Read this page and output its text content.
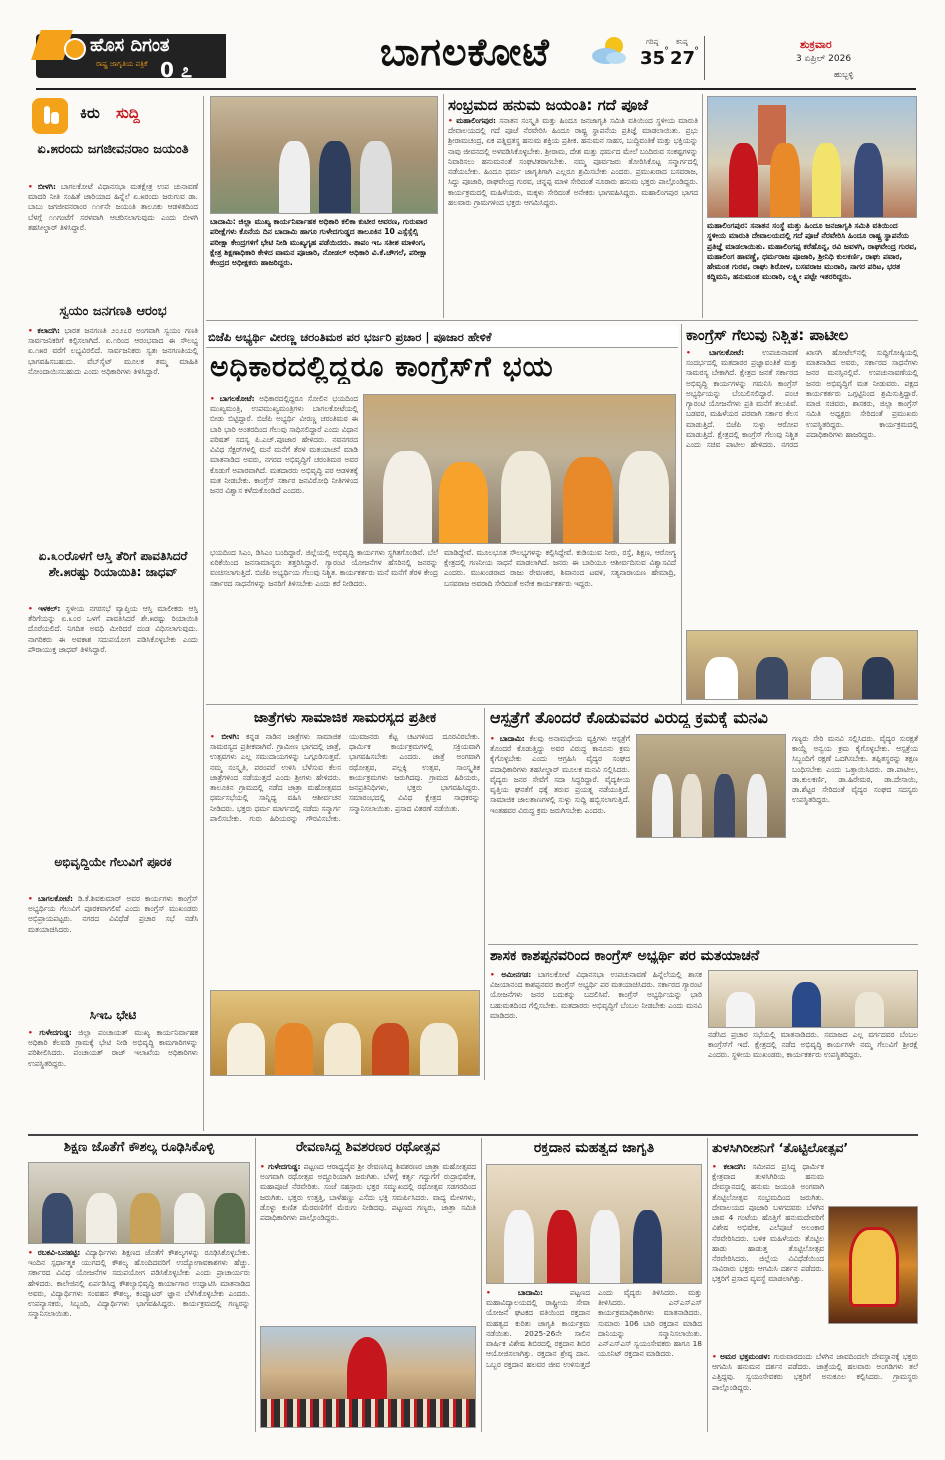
ಹೊಸ ದಿಗಂತ
ರಾಷ್ಟ್ರ ಜಾಗೃತಿಯ ಪತ್ರಿಕೆ 0 ೭	ಬಾಗಲಕೋಟೆ	ಗರಿಷ್ಠ
35
°
ಕನಿಷ್ಠ
27
°
ಶುಕ್ರವಾರ
3 ಏಪ್ರಿಲ್ 2026
ಹುಬ್ಬಳ್ಳಿ
ಕಿರು ಸುದ್ದಿ
ಏ.೫ರಂದು ಜಗಜೀವನರಾಂ ಜಯಂತಿ
• ಬೀಳಗಿ: ಬಾಗಲಕೋಟೆ ವಿಧಾನಸಭಾ ಮತಕ್ಷೇತ್ರ ಉಪ ಚುನಾವಣೆ ಮಾದರಿ ನೀತಿ ಸಂಹಿತೆ ಜಾರಿಯಾದ ಹಿನ್ನೆಲೆ ಏ.೫ರಂದು ಜರುಗುವ ಡಾ. ಬಾಬು ಜಗಜೀವನರಾಂರ ೧೧೯ನೇ ಜಯಂತಿ ತಾಲೂಕು ಆಡಳಿತದಿಂದ ಬೆಳಗ್ಗೆ ೧೧ಗಂಟೆಗೆ ಸರಳವಾಗಿ ಆಚರಿಸಲಾಗುವುದು ಎಂದು ಬೀಳಗಿ ತಹಸೀಲ್ದಾರ್ ತಿಳಿಸಿದ್ದಾರೆ.
ಸ್ವಯಂ ಜನಗಣತಿ ಆರಂಭ
• ಕಲಾದಗಿ: ಭಾರತ ಜನಗಣತಿ ೨೦೨೭ರ ಅಂಗವಾಗಿ ಸ್ವಯಂ ಗಣತಿ ಸಾರ್ವಜನಿಕರಿಗೆ ಕಲ್ಪಿಸಲಾಗಿದೆ. ಏ.೧ರಿಂದ ಆರಂಭವಾದ ಈ ಸೌಲಭ್ಯ ಏ.೧೫ರ ವರೆಗೆ ಲಭ್ಯವಿರಲಿದೆ. ಸಾರ್ವಜನಿಕರು ಸ್ವತಃ ಜನಗಣತಿಯಲ್ಲಿ ಭಾಗವಹಿಸಬಹುದು. ವೆಬ್‌ಸೈಟ್ ಮೂಲಕ ತಮ್ಮ ಮಾಹಿತಿ ನೋಂದಾಯಿಸಬಹುದು ಎಂದು ಅಧಿಕಾರಿಗಳು ತಿಳಿಸಿದ್ದಾರೆ.
ಏ.೩೦ರೊಳಗೆ ಆಸ್ತಿ ತೆರಿಗೆ ಪಾವತಿಸಿದರೆ ಶೇ.೫ರಷ್ಟು ರಿಯಾಯಿತಿ: ಜಾಧವ್
• ಇಳಕಲ್: ಸ್ಥಳೀಯ ನಗರಸಭೆ ವ್ಯಾಪ್ತಿಯ ಆಸ್ತಿ ಮಾಲೀಕರು ಆಸ್ತಿ ತೆರಿಗೆಯನ್ನು ಏ.೩೦ರ ಒಳಗೆ ಪಾವತಿಸಿದರೆ ಶೇ.೫ರಷ್ಟು ರಿಯಾಯಿತಿ ದೊರೆಯಲಿದೆ. ನಿಗದಿತ ಅವಧಿ ಮೀರಿದರೆ ದಂಡ ವಿಧಿಸಲಾಗುವುದು. ನಾಗರಿಕರು ಈ ಅವಕಾಶ ಸದುಪಯೋಗ ಪಡಿಸಿಕೊಳ್ಳಬೇಕು ಎಂದು ಪೌರಾಯುಕ್ತ ಜಾಧವ್ ತಿಳಿಸಿದ್ದಾರೆ.
ಅಭಿವೃದ್ಧಿಯೇ ಗೆಲುವಿಗೆ ಪೂರಕ
• ಬಾಗಲಕೋಟೆ: ಡಿ.ಕೆ.ಶಿವಕುಮಾರ್ ಅವರ ಕಾರ್ಯಗಳು ಕಾಂಗ್ರೆಸ್ ಅಭ್ಯರ್ಥಿಯ ಗೆಲುವಿಗೆ ಪೂರಕವಾಗಲಿವೆ ಎಂದು ಕಾಂಗ್ರೆಸ್ ಮುಖಂಡರು ಅಭಿಪ್ರಾಯಪಟ್ಟರು. ನಗರದ ವಿವಿಧೆಡೆ ಪ್ರಚಾರ ಸಭೆ ನಡೆಸಿ ಮತಯಾಚಿಸಿದರು.
ಸಿಇಒ ಭೇಟಿ
• ಗುಳೇದಗುಡ್ಡ: ಜಿಲ್ಲಾ ಪಂಚಾಯತ್ ಮುಖ್ಯ ಕಾರ್ಯನಿರ್ವಾಹಕ ಅಧಿಕಾರಿ ಕೆಲವಡಿ ಗ್ರಾಮಕ್ಕೆ ಭೇಟಿ ನೀಡಿ ಅಭಿವೃದ್ಧಿ ಕಾಮಗಾರಿಗಳನ್ನು ಪರಿಶೀಲಿಸಿದರು. ಪಂಚಾಯತ್ ರಾಜ್ ಇಲಾಖೆಯ ಅಧಿಕಾರಿಗಳು ಉಪಸ್ಥಿತರಿದ್ದರು.
ಬಾದಾಮಿ: ಜಿಲ್ಲಾ ಮುಖ್ಯ ಕಾರ್ಯನಿರ್ವಾಹಕ ಅಧಿಕಾರಿ ಕಲಿಕಾ ಕುಟೀರ ಆವರಣ, ಗುರುವಾರ ಪರೀಕ್ಷೆಗಳು ಕೊನೆಯ ದಿನ ಬಾದಾಮಿ ಹಾಗೂ ಗುಳೇದಗುಡ್ಡದ ತಾಲೂಕಿನ 10 ಎಸ್ಸೆಸ್ಸೆಲ್ಸಿ ಪರೀಕ್ಷಾ ಕೇಂದ್ರಗಳಿಗೆ ಭೇಟಿ ನೀಡಿ ಮುಖ್ಯಗೃಹ ಪಡೆಯಿದರು. ತಾಪಂ ಇಒ ಸತೀಶ ಮಾಳಿಂಗ, ಕ್ಷೇತ್ರ ಶಿಕ್ಷಣಾಧಿಕಾರಿ ಕೇಳಿದ ವಾಮನ ಪೂಜಾರಿ, ನೋಡಲ್ ಅಧಿಕಾರಿ ವಿ.ಕೆ.ಚೌಗಲೆ, ಪರೀಕ್ಷಾ ಕೇಂದ್ರದ ಅಧೀಕ್ಷಕರು ಹಾಜರಿದ್ದರು.
ಸಂಭ್ರಮದ ಹನುಮ ಜಯಂತಿ: ಗದೆ ಪೂಜೆ
• ಮಹಾಲಿಂಗಪುರ: ಸನಾತನ ಸಂಸ್ಕೃತಿ ಮತ್ತು ಹಿಂದೂ ಜನಜಾಗೃತಿ ಸಮಿತಿ ವತಿಯಿಂದ ಸ್ಥಳೀಯ ಮಾರುತಿ ದೇವಾಲಯದಲ್ಲಿ ಗದೆ ಪೂಜೆ ನೆರವೇರಿಸಿ ಹಿಂದೂ ರಾಷ್ಟ್ರ ಸ್ಥಾಪನೆಯ ಪ್ರತಿಜ್ಞೆ ಮಾಡಲಾಯಿತು. ಪ್ರಭು ಶ್ರೀರಾಮಚಂದ್ರ, ಏಕ ಪತ್ನಿವ್ರತಸ್ಥ ಹನುಮ ಶಕ್ತಿಯ ಪ್ರತೀಕ. ಹನುಮನ ಸಾಹಸ, ಬುದ್ಧಿವಂತಿಕೆ ಮತ್ತು ಭಕ್ತಿಯನ್ನು ನಾವು ಜೀವನದಲ್ಲಿ ಅಳವಡಿಸಿಕೊಳ್ಳಬೇಕು. ಶ್ರೀರಾಮ, ದೇಶ ಮತ್ತು ಧರ್ಮದ ಮೇಲೆ ಬಂದಿರುವ ಸಂಕಷ್ಟಗಳನ್ನು ನಿವಾರಿಸಲು ಹನುಮನಂತೆ ಸಂಘಟಿತರಾಗಬೇಕು. ನಮ್ಮ ಪೂರ್ವಜರು ತೋರಿಸಿಕೊಟ್ಟ ಸನ್ಮಾರ್ಗದಲ್ಲಿ ನಡೆಯಬೇಕು. ಹಿಂದೂ ಧರ್ಮ ಜಾಗೃತಿಗಾಗಿ ಎಲ್ಲರೂ ಶ್ರಮಿಸಬೇಕು ಎಂದರು. ಪ್ರಮುಖರಾದ ಬಸವರಾಜ, ಸಿದ್ದು ಪೂಜಾರಿ, ರಾಘವೇಂದ್ರ ಗುರವ, ಚನ್ನಪ್ಪ ಮಾಳಿ ಸೇರಿದಂತೆ ನೂರಾರು ಹನುಮ ಭಕ್ತರು ಪಾಲ್ಗೊಂಡಿದ್ದರು. ಕಾರ್ಯಕ್ರಮದಲ್ಲಿ ಮಹಿಳೆಯರು, ಮಕ್ಕಳು ಸೇರಿದಂತೆ ಅನೇಕರು ಭಾಗವಹಿಸಿದ್ದರು. ಮಹಾಲಿಂಗಪುರ ಭಾಗದ ಹಲವಾರು ಗ್ರಾಮಗಳಿಂದ ಭಕ್ತರು ಆಗಮಿಸಿದ್ದರು.
ಮಹಾಲಿಂಗಪುರ: ಸನಾತನ ಸಂಸ್ಥೆ ಮತ್ತು ಹಿಂದೂ ಜನಜಾಗೃತಿ ಸಮಿತಿ ವತಿಯಿಂದ ಸ್ಥಳೀಯ ಮಾರುತಿ ದೇವಾಲಯದಲ್ಲಿ ಗದೆ ಪೂಜೆ ನೆರವೇರಿಸಿ ಹಿಂದೂ ರಾಷ್ಟ್ರ ಸ್ಥಾಪನೆಯ ಪ್ರತಿಜ್ಞೆ ಮಾಡಲಾಯಿತು. ಮಹಾಲಿಂಗಪ್ಪ ಕರೆಹೊನ್ನ, ರವಿ ಜವಳಗಿ, ರಾಘವೇಂದ್ರ ಗುರವ, ಮಹಾಲಿಂಗ ಹಾವಣ್ಣೆ, ಧರ್ಮರಾಜ ಪೂಜಾರಿ, ಶ್ರೀನಿಧಿ ಕುಲಕರ್ಣಿ, ರಾಘು ಪವಾರ, ಹೇಮಂತ ಗುರವ, ರಾಘು ಶಿರೋಳ, ಬಸವರಾಜ ಮುರಾರಿ, ನಾಗರ ಪರಿಟ, ಭರತ ಕದ್ದಿಮನಿ, ಹನುಮಂತ ಮುರಾರಿ, ಲಕ್ಷ್ಮೀ ಪಟ್ಟೇ ಇತರರಿದ್ದರು.
ಬಿಜೆಪಿ ಅಭ್ಯರ್ಥಿ ವೀರಣ್ಣ ಚರಂತಿಮಠ ಪರ ಭರ್ಜರಿ ಪ್ರಚಾರ | ಪೂಜಾರ ಹೇಳಿಕೆ
ಅಧಿಕಾರದಲ್ಲಿದ್ದರೂ ಕಾಂಗ್ರೆಸ್‌ಗೆ ಭಯ
• ಬಾಗಲಕೋಟೆ: ಅಧಿಕಾರದಲ್ಲಿದ್ದರೂ ಸೋಲಿನ ಭಯದಿಂದ ಮುಖ್ಯಮಂತ್ರಿ, ಉಪಮುಖ್ಯಮಂತ್ರಿಗಳು ಬಾಗಲಕೋಟೆಯಲ್ಲಿ ಬೀಡು ಬಿಟ್ಟಿದ್ದಾರೆ. ಬಿಜೆಪಿ ಅಭ್ಯರ್ಥಿ ವೀರಣ್ಣ ಚರಂತಿಮಠ ಈ ಬಾರಿ ಭಾರಿ ಅಂತರದಿಂದ ಗೆಲುವು ಸಾಧಿಸಲಿದ್ದಾರೆ ಎಂದು ವಿಧಾನ ಪರಿಷತ್ ಸದಸ್ಯ ಪಿ.ಎಚ್.ಪೂಜಾರ ಹೇಳಿದರು. ನವನಗರದ ವಿವಿಧ ಸೆಕ್ಟರ್‌ಗಳಲ್ಲಿ ಮನೆ ಮನೆಗೆ ತೆರಳಿ ಮತಯಾಚನೆ ಮಾಡಿ ಮಾತನಾಡಿದ ಅವರು, ನಗರದ ಅಭಿವೃದ್ಧಿಗೆ ಚರಂತಿಮಠ ಅವರ ಕೊಡುಗೆ ಅಪಾರವಾಗಿದೆ. ಮತದಾರರು ಅಭಿವೃದ್ಧಿ ಪರ ಆಡಳಿತಕ್ಕೆ ಮತ ನೀಡಬೇಕು. ಕಾಂಗ್ರೆಸ್ ಸರ್ಕಾರ ಜನವಿರೋಧಿ ನೀತಿಗಳಿಂದ ಜನರ ವಿಶ್ವಾಸ ಕಳೆದುಕೊಂಡಿದೆ ಎಂದರು.
ಭಯದಿಂದ ಸಿಎಂ, ಡಿಸಿಎಂ ಬಂದಿದ್ದಾರೆ. ಜಿಲ್ಲೆಯಲ್ಲಿ ಅಭಿವೃದ್ಧಿ ಕಾರ್ಯಗಳು ಸ್ಥಗಿತಗೊಂಡಿವೆ. ಬೆಲೆ ಏರಿಕೆಯಿಂದ ಜನಸಾಮಾನ್ಯರು ತತ್ತರಿಸಿದ್ದಾರೆ. ಗ್ಯಾರಂಟಿ ಯೋಜನೆಗಳ ಹೆಸರಿನಲ್ಲಿ ಜನರನ್ನು ವಂಚಿಸಲಾಗುತ್ತಿದೆ. ಬಿಜೆಪಿ ಅಭ್ಯರ್ಥಿಯ ಗೆಲುವು ನಿಶ್ಚಿತ. ಕಾರ್ಯಕರ್ತರು ಮನೆ ಮನೆಗೆ ತೆರಳಿ ಕೇಂದ್ರ ಸರ್ಕಾರದ ಸಾಧನೆಗಳನ್ನು ಜನರಿಗೆ ತಿಳಿಸಬೇಕು ಎಂದು ಕರೆ ನೀಡಿದರು.
ಮಾಡಿದ್ದೇವೆ. ಮೂಲಭೂತ ಸೌಲಭ್ಯಗಳನ್ನು ಕಲ್ಪಿಸಿದ್ದೇವೆ. ಕುಡಿಯುವ ನೀರು, ರಸ್ತೆ, ಶಿಕ್ಷಣ, ಆರೋಗ್ಯ ಕ್ಷೇತ್ರದಲ್ಲಿ ಗಣನೀಯ ಸಾಧನೆ ಮಾಡಲಾಗಿದೆ. ಜನರು ಈ ಬಾರಿಯೂ ಆಶೀರ್ವದಿಸುವ ವಿಶ್ವಾಸವಿದೆ ಎಂದರು. ಮುಖಂಡರಾದ ರಾಜು ರೇವಣಕರ, ಶಿವಾನಂದ ಟವಳಿ, ಸತ್ಯನಾರಾಯಣ ಹೇಮಾದ್ರಿ, ಬಸವರಾಜ ಅವರಾದಿ ಸೇರಿದಂತೆ ಅನೇಕ ಕಾರ್ಯಕರ್ತರು ಇದ್ದರು.
ಕಾಂಗ್ರೆಸ್ ಗೆಲುವು ನಿಶ್ಚಿತ: ಪಾಟೀಲ
• ಬಾಗಲಕೋಟೆ: ಉಪಚುನಾವಣೆ ಸಂದರ್ಭದಲ್ಲಿ ಮತದಾರರ ಪ್ರಜ್ಞಾವಂತಿಕೆ ಮತ್ತು ಸಾಮರಸ್ಯ ಬೇಕಾಗಿದೆ. ಕ್ಷೇತ್ರದ ಜನತೆ ಸರ್ಕಾರದ ಅಭಿವೃದ್ಧಿ ಕಾರ್ಯಗಳನ್ನು ಗಮನಿಸಿ ಕಾಂಗ್ರೆಸ್ ಅಭ್ಯರ್ಥಿಯನ್ನು ಬೆಂಬಲಿಸಲಿದ್ದಾರೆ. ಪಂಚ ಗ್ಯಾರಂಟಿ ಯೋಜನೆಗಳು ಪ್ರತಿ ಮನೆಗೆ ತಲುಪಿವೆ. ಬಡವರ, ಮಹಿಳೆಯರ ಪರವಾಗಿ ಸರ್ಕಾರ ಕೆಲಸ ಮಾಡುತ್ತಿದೆ. ಬಿಜೆಪಿ ಸುಳ್ಳು ಆರೋಪ ಮಾಡುತ್ತಿದೆ. ಕ್ಷೇತ್ರದಲ್ಲಿ ಕಾಂಗ್ರೆಸ್ ಗೆಲುವು ನಿಶ್ಚಿತ ಎಂದು ಸಚಿವ ಪಾಟೀಲ ಹೇಳಿದರು. ನಗರದ ಖಾಸಗಿ ಹೋಟೆಲ್‌ನಲ್ಲಿ ಸುದ್ದಿಗೋಷ್ಠಿಯಲ್ಲಿ ಮಾತನಾಡಿದ ಅವರು, ಸರ್ಕಾರದ ಸಾಧನೆಗಳು ಜನರ ಮನಸ್ಸಿನಲ್ಲಿವೆ. ಉಪಚುನಾವಣೆಯಲ್ಲಿ ಜನರು ಅಭಿವೃದ್ಧಿಗೆ ಮತ ನೀಡುವರು. ಪಕ್ಷದ ಕಾರ್ಯಕರ್ತರು ಒಗ್ಗಟ್ಟಿನಿಂದ ಶ್ರಮಿಸುತ್ತಿದ್ದಾರೆ. ಮಾಜಿ ಸಚಿವರು, ಶಾಸಕರು, ಜಿಲ್ಲಾ ಕಾಂಗ್ರೆಸ್ ಸಮಿತಿ ಅಧ್ಯಕ್ಷರು ಸೇರಿದಂತೆ ಪ್ರಮುಖರು ಉಪಸ್ಥಿತರಿದ್ದರು. ಕಾರ್ಯಕ್ರಮದಲ್ಲಿ ಪದಾಧಿಕಾರಿಗಳು ಹಾಜರಿದ್ದರು.
ಜಾತ್ರೆಗಳು ಸಾಮಾಜಿಕ ಸಾಮರಸ್ಯದ ಪ್ರತೀಕ
• ಬೀಳಗಿ: ಕನ್ನಡ ನಾಡಿನ ಜಾತ್ರೆಗಳು ಸಾಮಾಜಿಕ ಸಾಮರಸ್ಯದ ಪ್ರತೀಕವಾಗಿವೆ. ಗ್ರಾಮೀಣ ಭಾಗದಲ್ಲಿ ಜಾತ್ರೆ, ಉತ್ಸವಗಳು ಎಲ್ಲ ಸಮುದಾಯಗಳನ್ನು ಒಗ್ಗೂಡಿಸುತ್ತವೆ. ನಮ್ಮ ಸಂಸ್ಕೃತಿ, ಪರಂಪರೆ ಉಳಿಸಿ ಬೆಳೆಸುವ ಕೆಲಸ ಜಾತ್ರೆಗಳಿಂದ ನಡೆಯುತ್ತದೆ ಎಂದು ಶ್ರೀಗಳು ಹೇಳಿದರು. ತಾಲೂಕಿನ ಗ್ರಾಮದಲ್ಲಿ ನಡೆದ ಜಾತ್ರಾ ಮಹೋತ್ಸವದ ಧರ್ಮಸಭೆಯಲ್ಲಿ ಸಾನ್ನಿಧ್ಯ ವಹಿಸಿ ಆಶೀರ್ವಚನ ನೀಡಿದರು. ಭಕ್ತರು ಧರ್ಮ ಮಾರ್ಗದಲ್ಲಿ ನಡೆದು ಸನ್ಮಾರ್ಗ ಪಾಲಿಸಬೇಕು. ಗುರು ಹಿರಿಯರನ್ನು ಗೌರವಿಸಬೇಕು. ಯುವಜನರು ಕೆಟ್ಟ ಚಟಗಳಿಂದ ದೂರವಿರಬೇಕು. ಧಾರ್ಮಿಕ ಕಾರ್ಯಕ್ರಮಗಳಲ್ಲಿ ಸಕ್ರಿಯವಾಗಿ ಭಾಗವಹಿಸಬೇಕು ಎಂದರು. ಜಾತ್ರೆ ಅಂಗವಾಗಿ ರಥೋತ್ಸವ, ಪಲ್ಲಕ್ಕಿ ಉತ್ಸವ, ಸಾಂಸ್ಕೃತಿಕ ಕಾರ್ಯಕ್ರಮಗಳು ಜರುಗಿದವು. ಗ್ರಾಮದ ಹಿರಿಯರು, ಜನಪ್ರತಿನಿಧಿಗಳು, ಭಕ್ತರು ಭಾಗವಹಿಸಿದ್ದರು. ಸಮಾರಂಭದಲ್ಲಿ ವಿವಿಧ ಕ್ಷೇತ್ರದ ಸಾಧಕರನ್ನು ಸನ್ಮಾನಿಸಲಾಯಿತು. ಪ್ರಸಾದ ವಿತರಣೆ ನಡೆಯಿತು.
ಆಸ್ಪತ್ರೆಗೆ ತೊಂದರೆ ಕೊಡುವವರ ವಿರುದ್ಧ ಕ್ರಮಕ್ಕೆ ಮನವಿ
• ಬಾದಾಮಿ: ಕೆಲವು ಅನಾಮಧೇಯ ವ್ಯಕ್ತಿಗಳು ಆಸ್ಪತ್ರೆಗೆ ತೊಂದರೆ ಕೊಡುತ್ತಿದ್ದು ಅವರ ವಿರುದ್ಧ ಕಾನೂನು ಕ್ರಮ ಕೈಗೊಳ್ಳಬೇಕು ಎಂದು ಆಗ್ರಹಿಸಿ ವೈದ್ಯರ ಸಂಘದ ಪದಾಧಿಕಾರಿಗಳು ತಹಸೀಲ್ದಾರ್ ಮೂಲಕ ಮನವಿ ಸಲ್ಲಿಸಿದರು. ವೈದ್ಯರು ಜನರ ಸೇವೆಗೆ ಸದಾ ಸಿದ್ಧರಿದ್ದಾರೆ. ವೈದ್ಯಕೀಯ ವೃತ್ತಿಯ ಘನತೆಗೆ ಧಕ್ಕೆ ತರುವ ಪ್ರಯತ್ನ ನಡೆಯುತ್ತಿದೆ. ಸಾಮಾಜಿಕ ಜಾಲತಾಣಗಳಲ್ಲಿ ಸುಳ್ಳು ಸುದ್ದಿ ಹಬ್ಬಿಸಲಾಗುತ್ತಿದೆ. ಇಂತಹವರ ವಿರುದ್ಧ ಕ್ರಮ ಜರುಗಿಸಬೇಕು ಎಂದರು.
ಗಣ್ಯರು ಸೇರಿ ಮನವಿ ಸಲ್ಲಿಸಿದರು. ವೈದ್ಯರ ಸುರಕ್ಷತೆ ಕಾಯ್ದೆ ಅನ್ವಯ ಕ್ರಮ ಕೈಗೊಳ್ಳಬೇಕು. ಆಸ್ಪತ್ರೆಯ ಸಿಬ್ಬಂದಿಗೆ ರಕ್ಷಣೆ ಒದಗಿಸಬೇಕು. ತಪ್ಪಿತಸ್ಥರನ್ನು ತಕ್ಷಣ ಬಂಧಿಸಬೇಕು ಎಂದು ಒತ್ತಾಯಿಸಿದರು. ಡಾ.ಪಾಟೀಲ, ಡಾ.ಕುಲಕರ್ಣಿ, ಡಾ.ಹಿರೇಮಠ, ಡಾ.ದೇಸಾಯಿ, ಡಾ.ಶೆಟ್ಟರ ಸೇರಿದಂತೆ ವೈದ್ಯರ ಸಂಘದ ಸದಸ್ಯರು ಉಪಸ್ಥಿತರಿದ್ದರು.
ಶಾಸಕ ಕಾಶಪ್ಪನವರಿಂದ ಕಾಂಗ್ರೆಸ್ ಅಭ್ಯರ್ಥಿ ಪರ ಮತಯಾಚನೆ
• ಅಮೀನಗಡ: ಬಾಗಲಕೋಟೆ ವಿಧಾನಸಭಾ ಉಪಚುನಾವಣೆ ಹಿನ್ನೆಲೆಯಲ್ಲಿ ಶಾಸಕ ವಿಜಯಾನಂದ ಕಾಶಪ್ಪನವರ ಕಾಂಗ್ರೆಸ್ ಅಭ್ಯರ್ಥಿ ಪರ ಮತಯಾಚಿಸಿದರು. ಸರ್ಕಾರದ ಗ್ಯಾರಂಟಿ ಯೋಜನೆಗಳು ಜನರ ಬದುಕನ್ನು ಬದಲಿಸಿವೆ. ಕಾಂಗ್ರೆಸ್ ಅಭ್ಯರ್ಥಿಯನ್ನು ಭಾರಿ ಬಹುಮತದಿಂದ ಗೆಲ್ಲಿಸಬೇಕು. ಮತದಾರರು ಅಭಿವೃದ್ಧಿಗೆ ಬೆಂಬಲ ನೀಡಬೇಕು ಎಂದು ಮನವಿ ಮಾಡಿದರು.
ನಡೆಸಿದ ಪ್ರಚಾರ ಸಭೆಯಲ್ಲಿ ಮಾತನಾಡಿದರು. ಸಮಾಜದ ಎಲ್ಲ ವರ್ಗದವರ ಬೆಂಬಲ ಕಾಂಗ್ರೆಸ್‌ಗೆ ಇದೆ. ಕ್ಷೇತ್ರದಲ್ಲಿ ನಡೆದ ಅಭಿವೃದ್ಧಿ ಕಾರ್ಯಗಳೇ ನಮ್ಮ ಗೆಲುವಿಗೆ ಶ್ರೀರಕ್ಷೆ ಎಂದರು. ಸ್ಥಳೀಯ ಮುಖಂಡರು, ಕಾರ್ಯಕರ್ತರು ಉಪಸ್ಥಿತರಿದ್ದರು.
ಶಿಕ್ಷಣ ಜೊತೆಗೆ ಕೌಶಲ್ಯ ರೂಢಿಸಿಕೊಳ್ಳಿ
• ರಬಕವಿ-ಬನಹಟ್ಟಿ: ವಿದ್ಯಾರ್ಥಿಗಳು ಶಿಕ್ಷಣದ ಜೊತೆಗೆ ಕೌಶಲ್ಯಗಳನ್ನು ರೂಢಿಸಿಕೊಳ್ಳಬೇಕು. ಇಂದಿನ ಸ್ಪರ್ಧಾತ್ಮಕ ಯುಗದಲ್ಲಿ ಕೌಶಲ್ಯ ಹೊಂದಿದವರಿಗೆ ಉದ್ಯೋಗಾವಕಾಶಗಳು ಹೆಚ್ಚು. ಸರ್ಕಾರದ ವಿವಿಧ ಯೋಜನೆಗಳ ಸದುಪಯೋಗ ಪಡಿಸಿಕೊಳ್ಳಬೇಕು ಎಂದು ಪ್ರಾಚಾರ್ಯರು ಹೇಳಿದರು. ಕಾಲೇಜಿನಲ್ಲಿ ಏರ್ಪಡಿಸಿದ್ದ ಕೌಶಲ್ಯಾಭಿವೃದ್ಧಿ ಕಾರ್ಯಾಗಾರ ಉದ್ಘಾಟಿಸಿ ಮಾತನಾಡಿದ ಅವರು, ವಿದ್ಯಾರ್ಥಿಗಳು ಸಂವಹನ ಕೌಶಲ್ಯ, ಕಂಪ್ಯೂಟರ್ ಜ್ಞಾನ ಬೆಳೆಸಿಕೊಳ್ಳಬೇಕು ಎಂದರು. ಉಪನ್ಯಾಸಕರು, ಸಿಬ್ಬಂದಿ, ವಿದ್ಯಾರ್ಥಿಗಳು ಭಾಗವಹಿಸಿದ್ದರು. ಕಾರ್ಯಕ್ರಮದಲ್ಲಿ ಗಣ್ಯರನ್ನು ಸನ್ಮಾನಿಸಲಾಯಿತು.
ರೇವಣಸಿದ್ಧ ಶಿವಶರಣರ ರಥೋತ್ಸವ
• ಗುಳೇದಗುಡ್ಡ: ಪಟ್ಟಣದ ಆರಾಧ್ಯದೈವ ಶ್ರೀ ರೇವಣಸಿದ್ಧ ಶಿವಶರಣರ ಜಾತ್ರಾ ಮಹೋತ್ಸವದ ಅಂಗವಾಗಿ ರಥೋತ್ಸವ ಅದ್ದೂರಿಯಾಗಿ ಜರುಗಿತು. ಬೆಳಗ್ಗೆ ಕರ್ತೃ ಗದ್ದುಗೆಗೆ ರುದ್ರಾಭಿಷೇಕ, ಮಹಾಪೂಜೆ ನೆರವೇರಿತು. ಸಂಜೆ ಸಹಸ್ರಾರು ಭಕ್ತರ ಸಮ್ಮುಖದಲ್ಲಿ ರಥೋತ್ಸವ ಸಡಗರದಿಂದ ಜರುಗಿತು. ಭಕ್ತರು ಉತ್ತತ್ತಿ, ಬಾಳೆಹಣ್ಣು ಎಸೆದು ಭಕ್ತಿ ಸಮರ್ಪಿಸಿದರು. ವಾದ್ಯ ಮೇಳಗಳು, ಡೊಳ್ಳು ಕುಣಿತ ಮೆರವಣಿಗೆಗೆ ಮೆರುಗು ನೀಡಿದವು. ಪಟ್ಟಣದ ಗಣ್ಯರು, ಜಾತ್ರಾ ಸಮಿತಿ ಪದಾಧಿಕಾರಿಗಳು ಪಾಲ್ಗೊಂಡಿದ್ದರು.
ರಕ್ತದಾನ ಮಹತ್ವದ ಜಾಗೃತಿ
• ಬಾದಾಮಿ:	ಪಟ್ಟಣದ ಮಹಾವಿದ್ಯಾಲಯದಲ್ಲಿ ರಾಷ್ಟ್ರೀಯ ಸೇವಾ ಯೋಜನೆ ಘಟಕದ ವತಿಯಿಂದ ರಕ್ತದಾನ ಮಹತ್ವದ ಕುರಿತು ಜಾಗೃತಿ ಕಾರ್ಯಕ್ರಮ ನಡೆಯಿತು. 2025-26ನೇ ಸಾಲಿನ ವಾರ್ಷಿಕ ವಿಶೇಷ ಶಿಬಿರದಲ್ಲಿ ರಕ್ತದಾನ ಶಿಬಿರ ಆಯೋಜಿಸಲಾಗಿತ್ತು. ರಕ್ತದಾನ ಶ್ರೇಷ್ಠ ದಾನ. ಒಬ್ಬರ ರಕ್ತದಾನ ಹಲವರ ಜೀವ ಉಳಿಸುತ್ತದೆ ಎಂದು ವೈದ್ಯರು ತಿಳಿಸಿದರು. ಮತ್ತು ತೀಳಿಸಿದರು. ಎನ್‌ಎಸ್‌ಎಸ್ ಕಾರ್ಯಕ್ರಮಾಧಿಕಾರಿಗಳು ಮಾತನಾಡಿದರು. ಸುಮಾರು 106 ಬಾರಿ ರಕ್ತದಾನ ಮಾಡಿದ ದಾನಿಯನ್ನು ಸನ್ಮಾನಿಸಲಾಯಿತು. ಎನ್‌ಎಸ್‌ಎಸ್ ಸ್ವಯಂಸೇವಕರು ಹಾಗೂ 18 ಯೂನಿಟ್ ರಕ್ತದಾನ ಮಾಡಿದರು.
ತುಳಸಿಗಿರೀಶನಿಗೆ ‘ತೊಟ್ಟಿಲೋತ್ಸವ’
• ಕಲಾದಗಿ: ಸಮೀಪದ ಪ್ರಸಿದ್ಧ ಧಾರ್ಮಿಕ ಕ್ಷೇತ್ರವಾದ ತುಳಸಿಗಿರಿಯ ಹನುಮ ದೇವಸ್ಥಾನದಲ್ಲಿ ಹನುಮ ಜಯಂತಿ ಅಂಗವಾಗಿ ತೊಟ್ಟಿಲೋತ್ಸವ ಸಂಭ್ರಮದಿಂದ ಜರುಗಿತು. ದೇವಾಲಯದ ಪೂಜಾರಿ ಬಳಗದವರು ಬೆಳಗಿನ ಜಾವ 4 ಗಂಟೆಯ ಹೊತ್ತಿಗೆ ಹನುಮದೇವರಿಗೆ ವಿಶೇಷ ಅಭಿಷೇಕ, ಎಲೆಪೂಜೆ ಅಲಂಕಾರ ನೆರವೇರಿಸಿದರು. ಬಳಿಕ ಮಹಿಳೆಯರು ತೊಟ್ಟಿಲ ಹಾಡು ಹಾಡುತ್ತ ತೊಟ್ಟಿಲೋತ್ಸವ ನೆರವೇರಿಸಿದರು. ಜಿಲ್ಲೆಯ ವಿವಿಧೆಡೆಯಿಂದ ಸಾವಿರಾರು ಭಕ್ತರು ಆಗಮಿಸಿ ದರ್ಶನ ಪಡೆದರು. ಭಕ್ತರಿಗೆ ಪ್ರಸಾದ ವ್ಯವಸ್ಥೆ ಮಾಡಲಾಗಿತ್ತು.
• ಅಮರ ಭಕ್ತಮಂಡಳ: ಗುರುವಾರದಂದು ಬೆಳಗಿನ ಜಾವದಿಂದಲೇ ದೇವಸ್ಥಾನಕ್ಕೆ ಭಕ್ತರು ಆಗಮಿಸಿ ಹನುಮನ ದರ್ಶನ ಪಡೆದರು. ಜಾತ್ರೆಯಲ್ಲಿ ಹಲವಾರು ಅಂಗಡಿಗಳು ತಲೆ ಎತ್ತಿದ್ದವು. ಸ್ವಯಂಸೇವಕರು ಭಕ್ತರಿಗೆ ಅನುಕೂಲ ಕಲ್ಪಿಸಿದರು. ಗ್ರಾಮಸ್ಥರು ಪಾಲ್ಗೊಂಡಿದ್ದರು.
